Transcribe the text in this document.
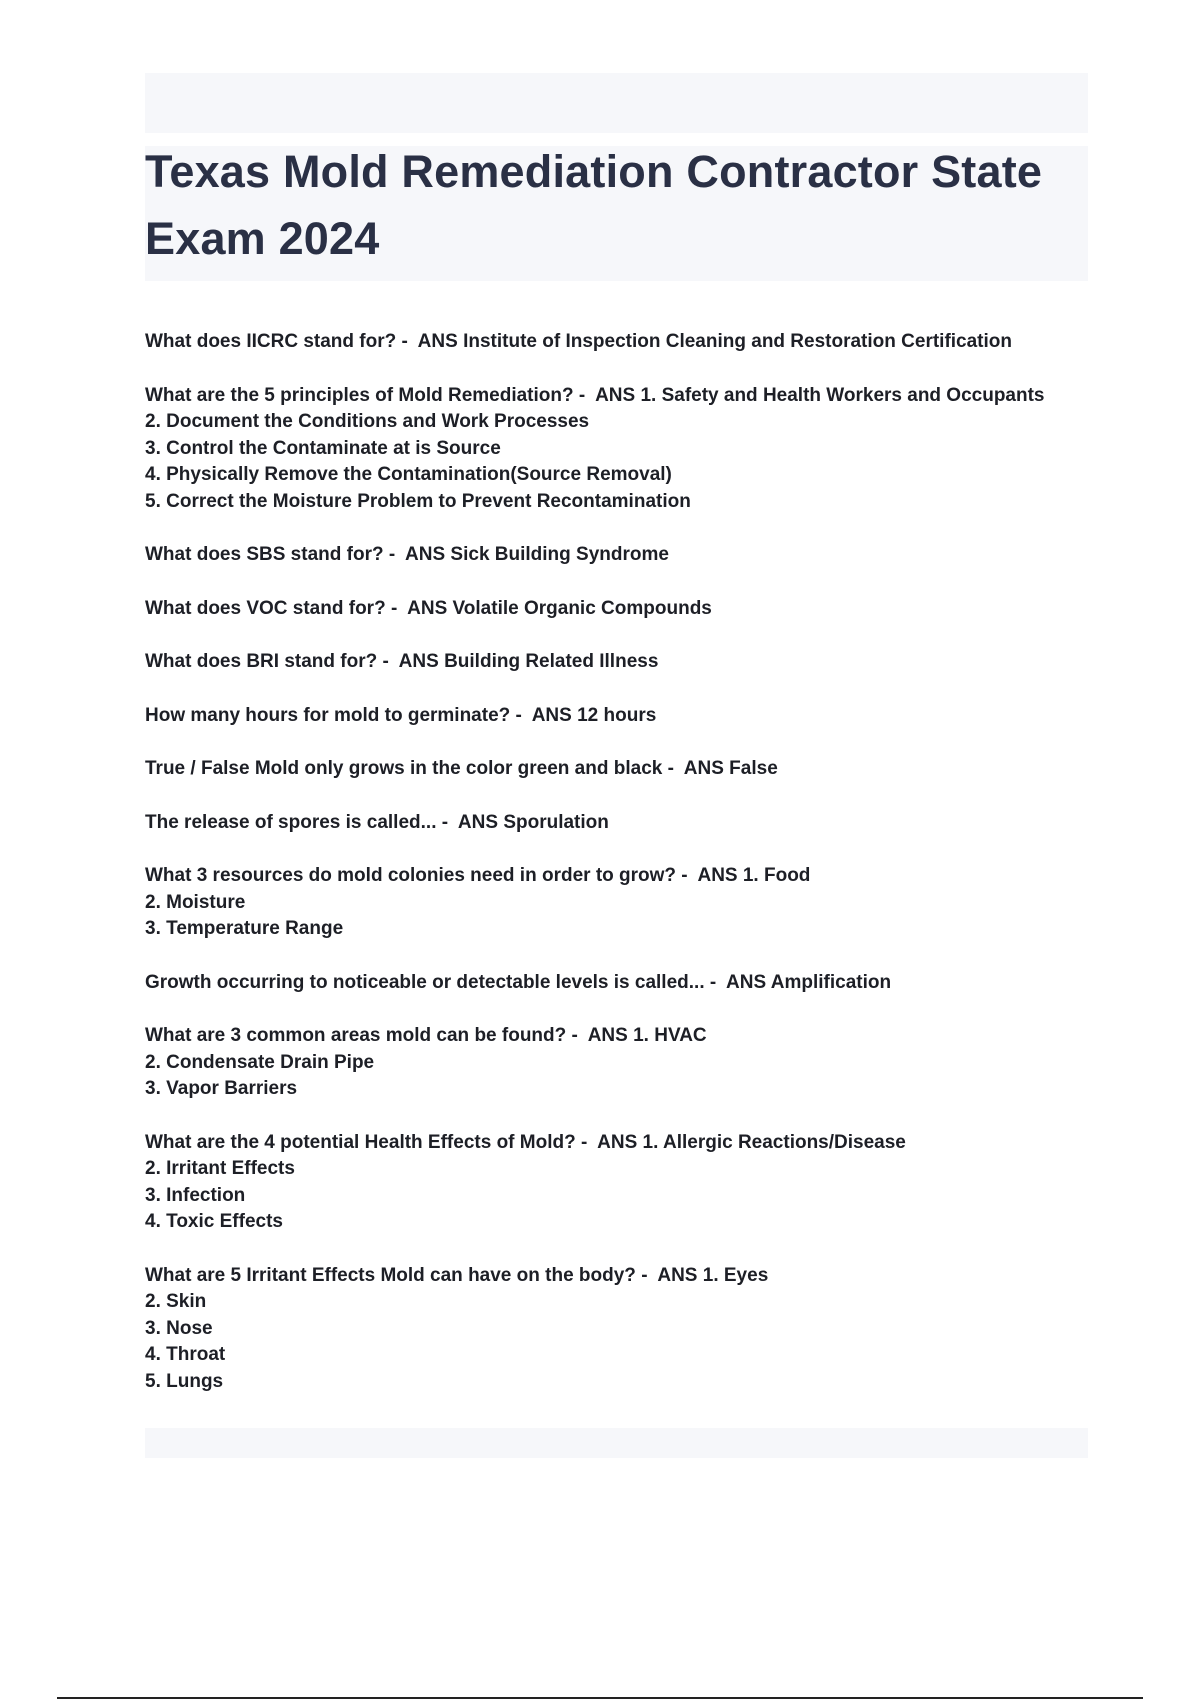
Texas Mold Remediation Contractor State Exam 2024
What does IICRC stand for? -  ANS Institute of Inspection Cleaning and Restoration Certification
What are the 5 principles of Mold Remediation? -  ANS 1. Safety and Health Workers and Occupants
2. Document the Conditions and Work Processes
3. Control the Contaminate at is Source
4. Physically Remove the Contamination(Source Removal)
5. Correct the Moisture Problem to Prevent Recontamination
What does SBS stand for? -  ANS Sick Building Syndrome
What does VOC stand for? -  ANS Volatile Organic Compounds
What does BRI stand for? -  ANS Building Related Illness
How many hours for mold to germinate? -  ANS 12 hours
True / False Mold only grows in the color green and black -  ANS False
The release of spores is called... -  ANS Sporulation
What 3 resources do mold colonies need in order to grow? -  ANS 1. Food
2. Moisture
3. Temperature Range
Growth occurring to noticeable or detectable levels is called... -  ANS Amplification
What are 3 common areas mold can be found? -  ANS 1. HVAC
2. Condensate Drain Pipe
3. Vapor Barriers
What are the 4 potential Health Effects of Mold? -  ANS 1. Allergic Reactions/Disease
2. Irritant Effects
3. Infection
4. Toxic Effects
What are 5 Irritant Effects Mold can have on the body? -  ANS 1. Eyes
2. Skin
3. Nose
4. Throat
5. Lungs
